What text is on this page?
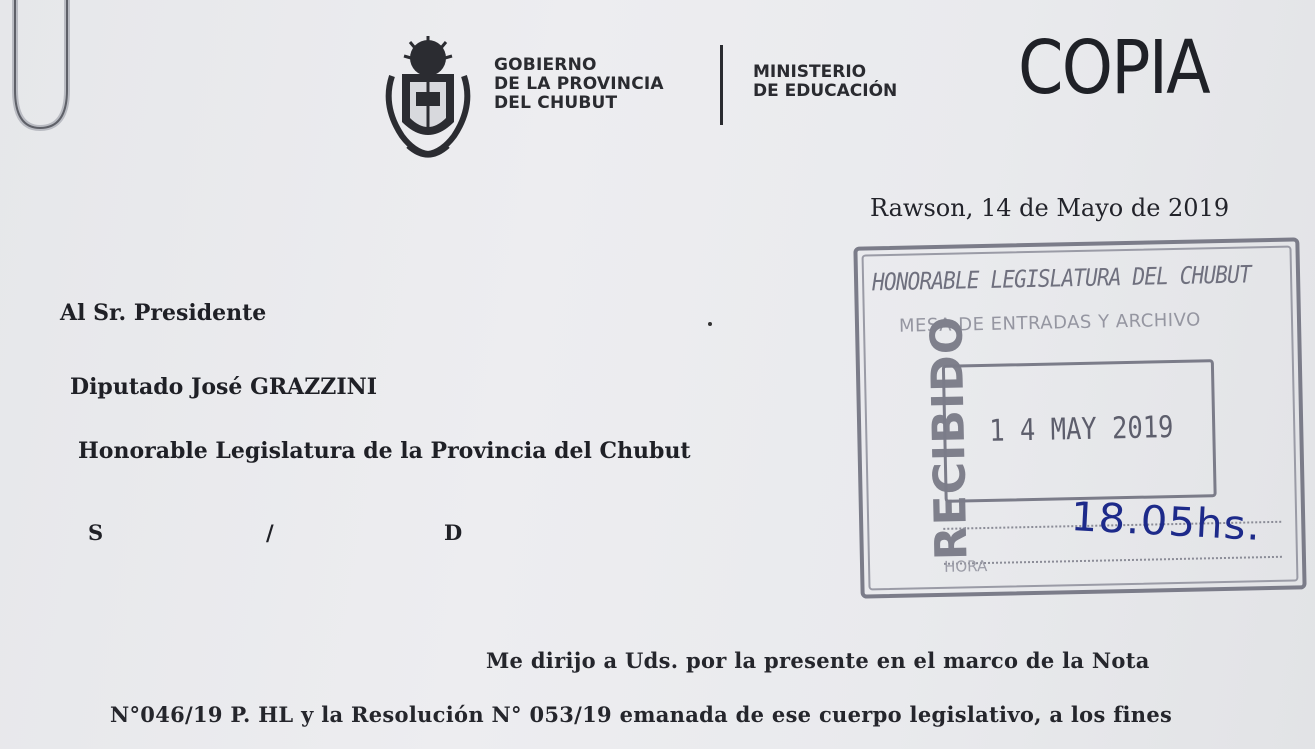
GOBIERNO
DE LA PROVINCIA
DEL CHUBUT
MINISTERIO
DE EDUCACIÓN COPIA
Rawson, 14 de Mayo de 2019
Al Sr. Presidente
Diputado José GRAZZINI
Honorable Legislatura de la Provincia del Chubut
S	/	D
Me dirijo a Uds. por la presente en el marco de la Nota
N°046/19 P. HL y la Resolución N° 053/19 emanada de ese cuerpo legislativo, a los fines
HONORABLE LEGISLATURA DEL CHUBUT
MESA DE ENTRADAS Y ARCHIVO
RECIBIDO 1 4 MAY 2019
HORA
18.05hs.
